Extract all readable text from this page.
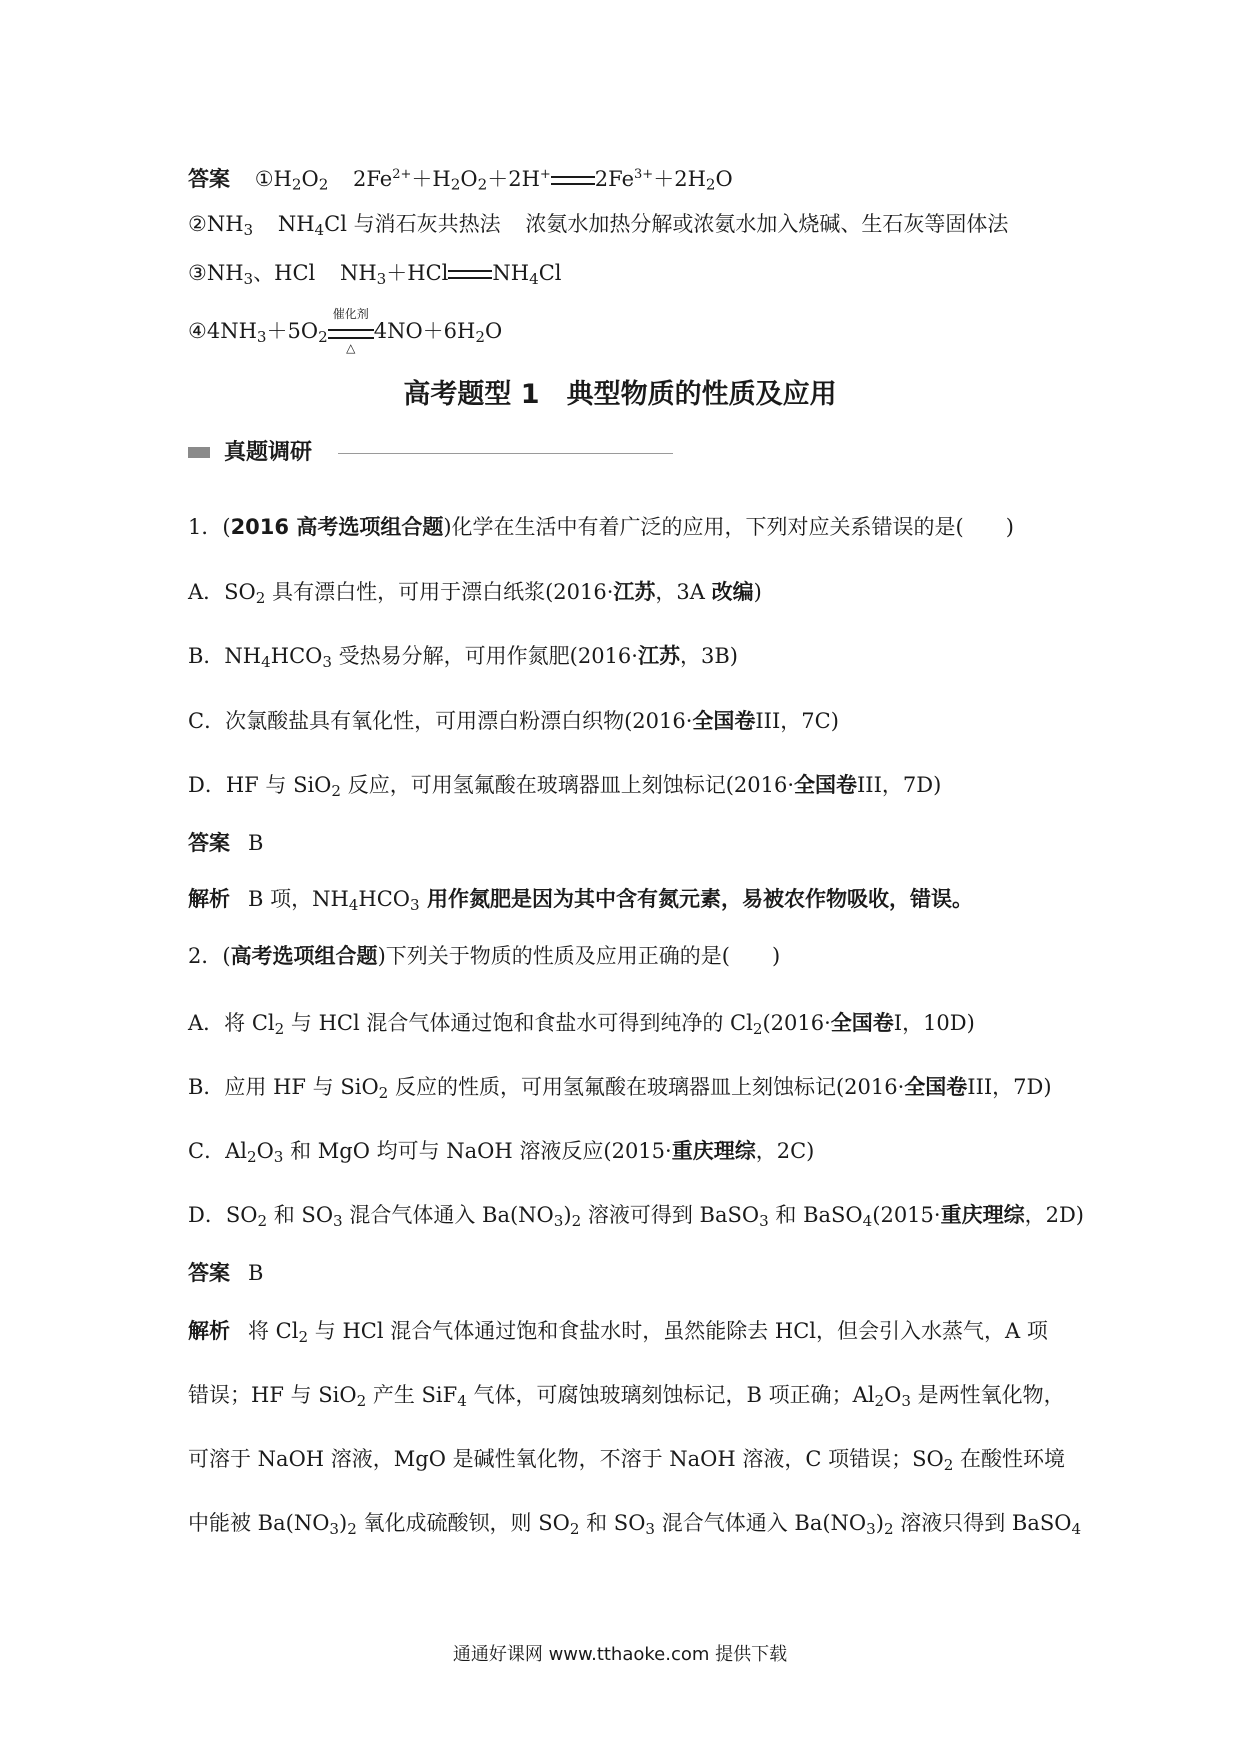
答案 $①H_2O_2$ $2Fe^{2+}+H_2O_2+2H^+$ $2Fe^{3+}+2H_2O$
$②NH_3$ $NH_4Cl$ 与消石灰共热法 浓氨水加热分解或浓氨水加入烧碱、生石灰等固体法
$③NH_3$、HCl $NH_3+HCl$ $NH_4Cl$
$④4NH_3+5O_2$
催化剂
△
$4NO+6H_2O$
高考题型 1　典型物质的性质及应用
真题调研
1．(2016 高考选项组合题)化学在生活中有着广泛的应用，下列对应关系错误的是(　　)
A．$SO_2$ 具有漂白性，可用于漂白纸浆(2016·江苏，3A 改编)
B．$NH_4HCO_3$ 受热易分解，可用作氮肥(2016·江苏，3B)
C．次氯酸盐具有氧化性，可用漂白粉漂白织物(2016·全国卷III，7C)
D．HF 与 SiO$_2$ 反应，可用氢氟酸在玻璃器皿上刻蚀标记(2016·全国卷III，7D)
答案 B
解析 B 项，$NH_4HCO_3$ 用作氮肥是因为其中含有氮元素，易被农作物吸收，错误。
2．(高考选项组合题)下列关于物质的性质及应用正确的是(　　)
A．将 $Cl_2$ 与 HCl 混合气体通过饱和食盐水可得到纯净的 $Cl_2(2016\cdot$全国卷Ⅰ，10D)
B．应用 HF 与 SiO$_2$ 反应的性质，可用氢氟酸在玻璃器皿上刻蚀标记(2016·全国卷III，7D)
C．$Al_2O_3$ 和 MgO 均可与 NaOH 溶液反应(2015·重庆理综，2C)
D．$SO_2$ 和 $SO_3$ 混合气体通入 $Ba(NO_3)_2$ 溶液可得到 BaSO$_3$ 和 BaSO$_4$(2015·重庆理综，2D)
答案 B
解析 将 $Cl_2$ 与 HCl 混合气体通过饱和食盐水时，虽然能除去 HCl，但会引入水蒸气，A 项
错误；HF 与 SiO$_2$ 产生 SiF$_4$ 气体，可腐蚀玻璃刻蚀标记，B 项正确；$Al_2O_3$ 是两性氧化物，
可溶于 NaOH 溶液，MgO 是碱性氧化物，不溶于 NaOH 溶液，C 项错误；$SO_2$ 在酸性环境
中能被 $Ba(NO_3)_2$ 氧化成硫酸钡，则 $SO_2$ 和 $SO_3$ 混合气体通入 $Ba(NO_3)_2$ 溶液只得到 BaSO$_4$
通通好课网 www.tthaoke.com 提供下载
